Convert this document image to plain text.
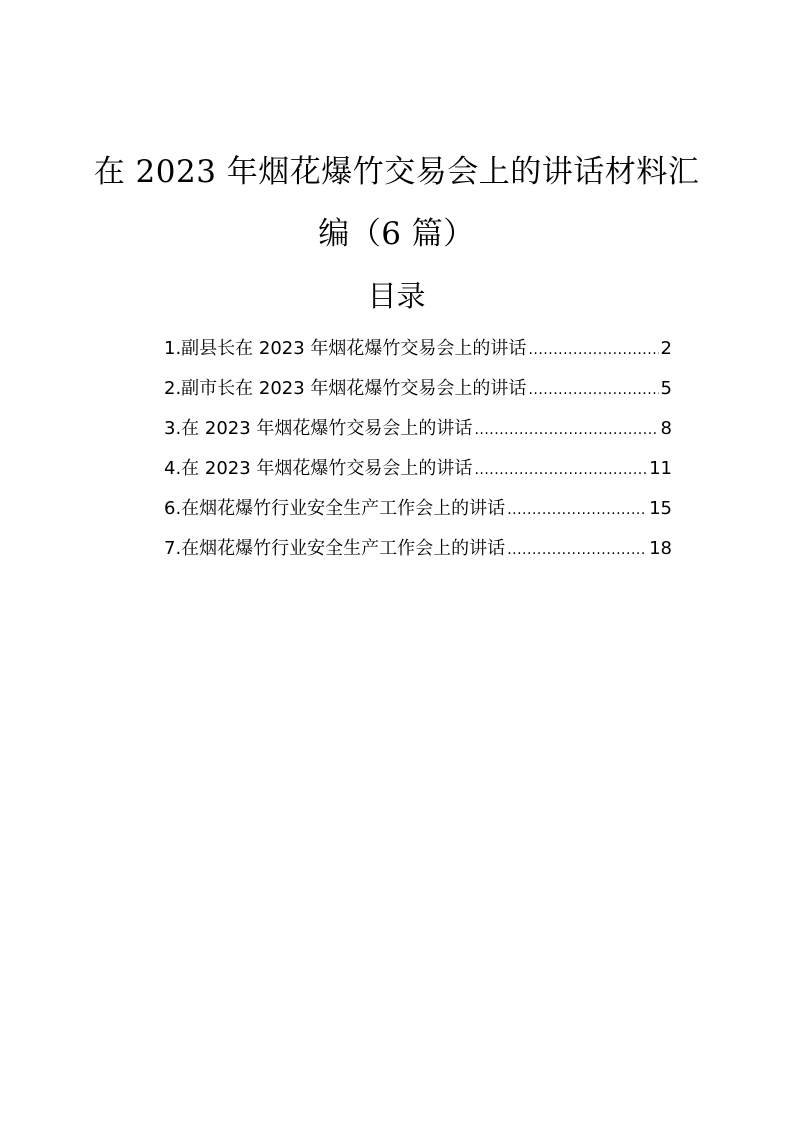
在 2023 年烟花爆竹交易会上的讲话材料汇
编（6 篇）
目录
1.副县长在 2023 年烟花爆竹交易会上的讲话 .....	2
2.副市长在 2023 年烟花爆竹交易会上的讲话 .....	5
3.在 2023 年烟花爆竹交易会上的讲话 .....	8
4.在 2023 年烟花爆竹交易会上的讲话 .....	11
6.在烟花爆竹行业安全生产工作会上的讲话 .....	15
7.在烟花爆竹行业安全生产工作会上的讲话 .....	18
